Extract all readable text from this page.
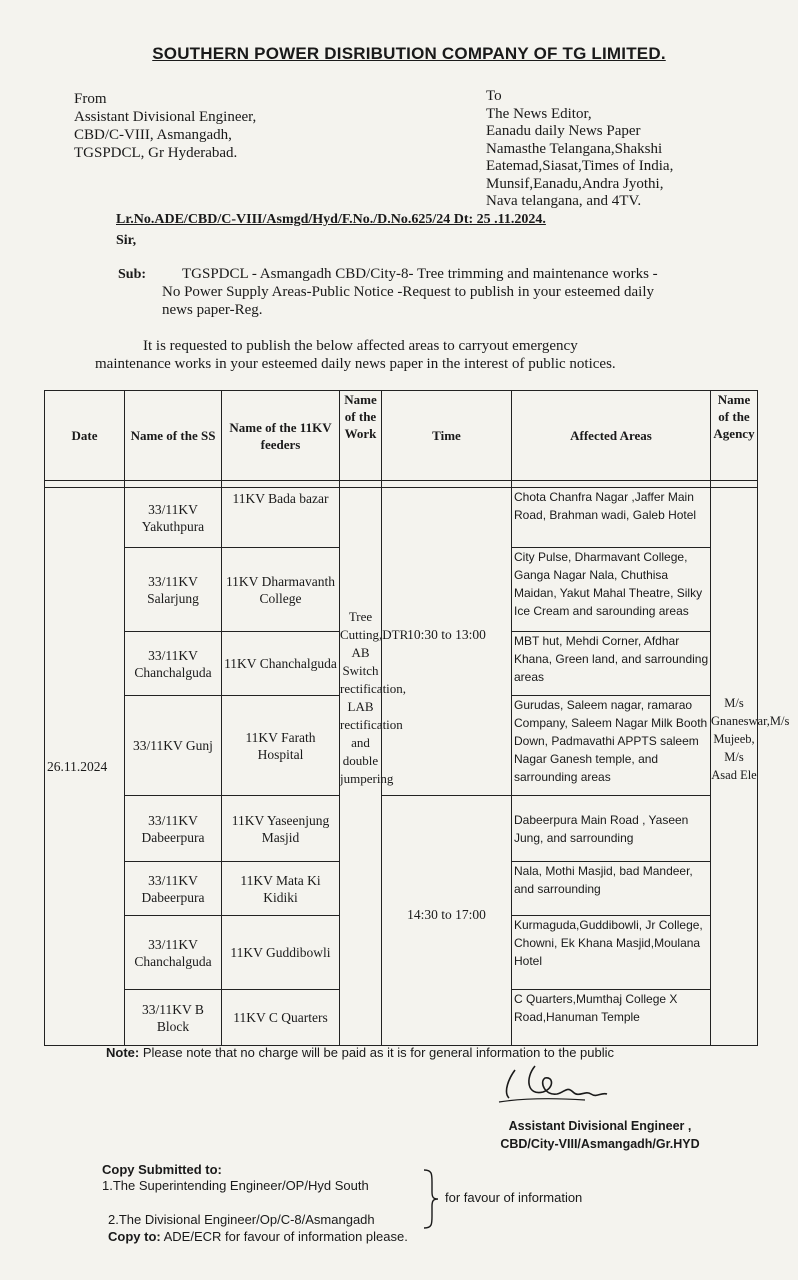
SOUTHERN POWER DISRIBUTION COMPANY OF TG LIMITED.
From
Assistant Divisional Engineer,
CBD/C-VIII, Asmangadh,
TGSPDCL, Gr Hyderabad.
To
The News Editor,
Eanadu daily News Paper
Namasthe Telangana,Shakshi
Eatemad,Siasat,Times of India,
Munsif,Eanadu,Andra Jyothi,
Nava telangana, and 4TV.
Lr.No.ADE/CBD/C-VIII/Asmgd/Hyd/F.No./D.No.625/24 Dt: 25 .11.2024.
Sir,
Sub: TGSPDCL - Asmangadh CBD/City-8- Tree trimming and maintenance works -
No Power Supply Areas-Public Notice -Request to publish in your esteemed daily
news paper-Reg.
It is requested to publish the below affected areas to carryout emergency
maintenance works in your esteemed daily news paper in the interest of public notices.
Date	Name of the SS	Name of the 11KV feeders	Name of the Work	Time	Affected Areas	Name of the Agency

26.11.2024	33/11KV Yakuthpura	11KV Bada bazar	Tree Cutting,DTR AB Switch rectification, LAB rectification and double jumpering	10:30 to 13:00	Chota Chanfra Nagar ,Jaffer Main Road, Brahman wadi, Galeb Hotel	M/s Gnaneswar,M/s Mujeeb, M/s Asad Ele
	33/11KV Salarjung	11KV Dharmavanth College			City Pulse, Dharmavant College, Ganga Nagar Nala, Chuthisa Maidan, Yakut Mahal Theatre, Silky Ice Cream and sarounding areas	
	33/11KV Chanchalguda	11KV Chanchalguda			MBT hut, Mehdi Corner, Afdhar Khana, Green land, and sarrounding areas	
	33/11KV Gunj	11KV Farath Hospital			Gurudas, Saleem nagar, ramarao Company, Saleem Nagar Milk Booth Down, Padmavathi APPTS saleem Nagar Ganesh temple, and sarrounding areas	
	33/11KV Dabeerpura	11KV Yaseenjung Masjid		14:30 to 17:00	Dabeerpura Main Road , Yaseen Jung, and sarrounding	
	33/11KV Dabeerpura	11KV Mata Ki Kidiki			Nala, Mothi Masjid, bad Mandeer, and sarrounding	
	33/11KV Chanchalguda	11KV Guddibowli			Kurmaguda,Guddibowli, Jr College, Chowni, Ek Khana Masjid,Moulana Hotel	
	33/11KV B Block	11KV C Quarters			C Quarters,Mumthaj College X Road,Hanuman Temple	
Note: Please note that no charge will be paid as it is for general information to the public
Assistant Divisional Engineer ,
CBD/City-VIII/Asmangadh/Gr.HYD
Copy Submitted to:
1.The Superintending Engineer/OP/Hyd South
2.The Divisional Engineer/Op/C-8/Asmangadh
for favour of information
Copy to: ADE/ECR for favour of information please.
